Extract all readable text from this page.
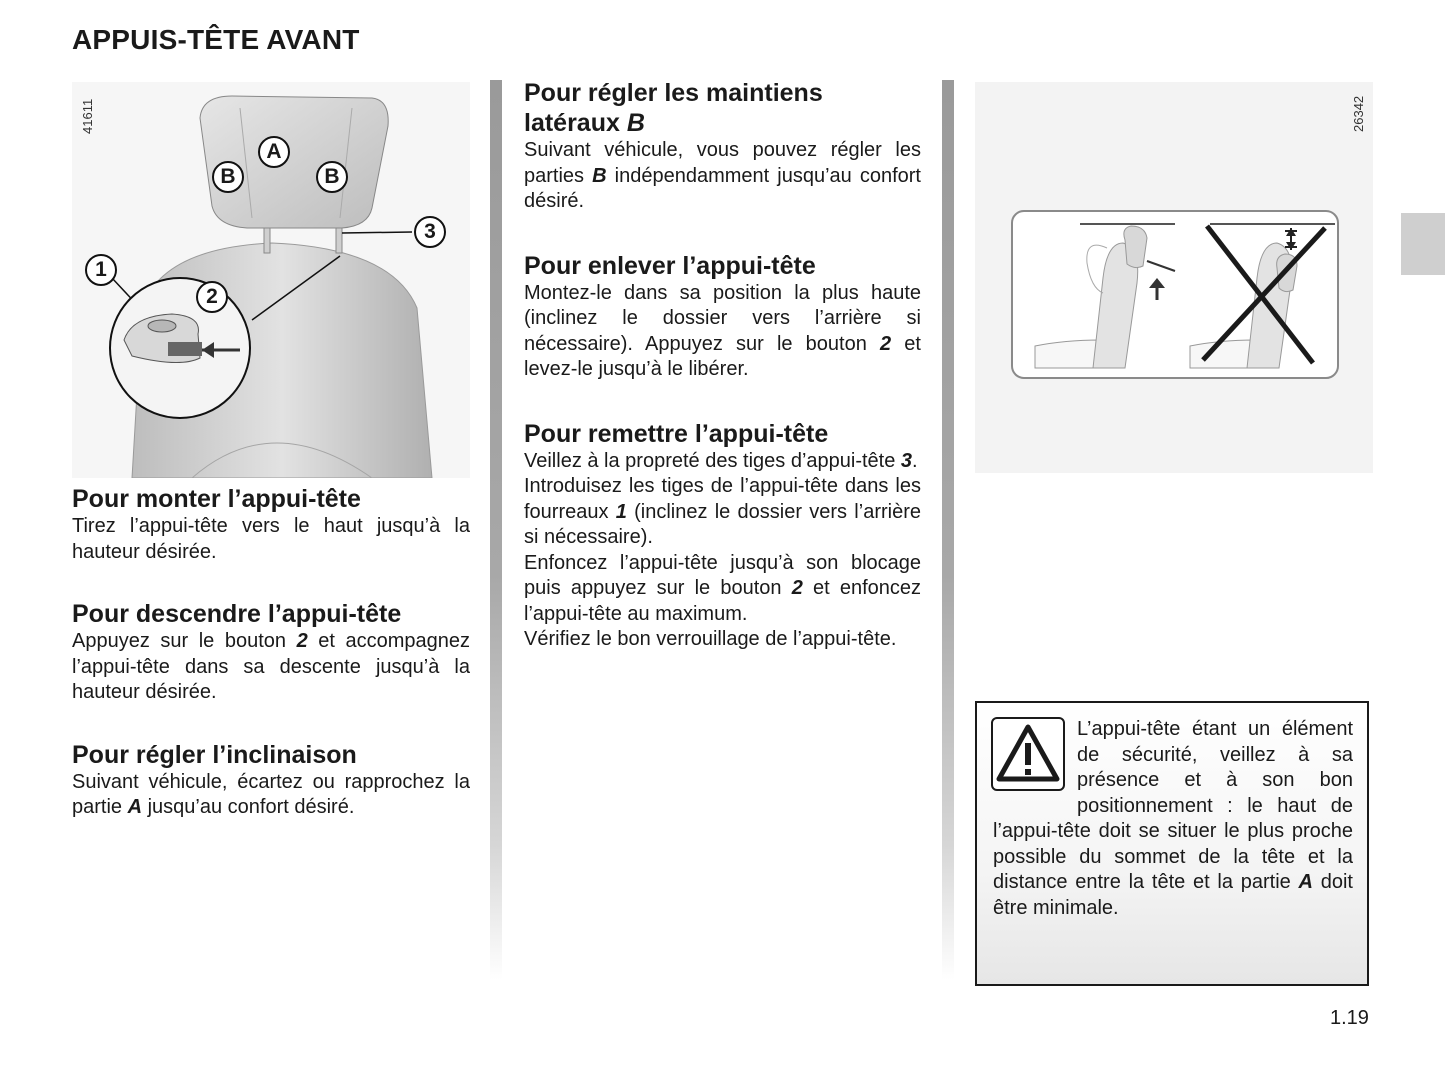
APPUIS-TÊTE AVANT
41611
A
B	B
1
2
3
Pour monter l’appui-tête

Tirez l’appui-tête vers le haut jusqu’à la hauteur désirée.

Pour descendre l’appui-tête

Appuyez sur le bouton 2 et accompagnez l’appui-tête dans sa descente jusqu’à la hauteur désirée.

Pour régler l’inclinaison

Suivant véhicule, écartez ou rapprochez la partie A jusqu’au confort désiré.

Pour régler les maintiens latéraux B

Suivant véhicule, vous pouvez régler les parties B indépendamment jusqu’au confort désiré.

Pour enlever l’appui-tête

Montez-le dans sa position la plus haute (inclinez le dossier vers l’arrière si nécessaire). Appuyez sur le bouton 2 et levez-le jusqu’à le libérer.

Pour remettre l’appui-tête

Veillez à la propreté des tiges d’appui-tête 3.

Introduisez les tiges de l’appui-tête dans les fourreaux 1 (inclinez le dossier vers l’arrière si nécessaire).

Enfoncez l’appui-tête jusqu’à son blocage puis appuyez sur le bouton 2 et enfoncez l’appui-tête au maximum.

Vérifiez le bon verrouillage de l’appui-tête.

26342
L’appui-tête étant un élément de sécurité, veillez à sa présence et à son bon positionnement : le haut de l’appui-tête doit se situer le plus proche possible du sommet de la tête et la distance entre la tête et la partie A doit être minimale.
1.19
